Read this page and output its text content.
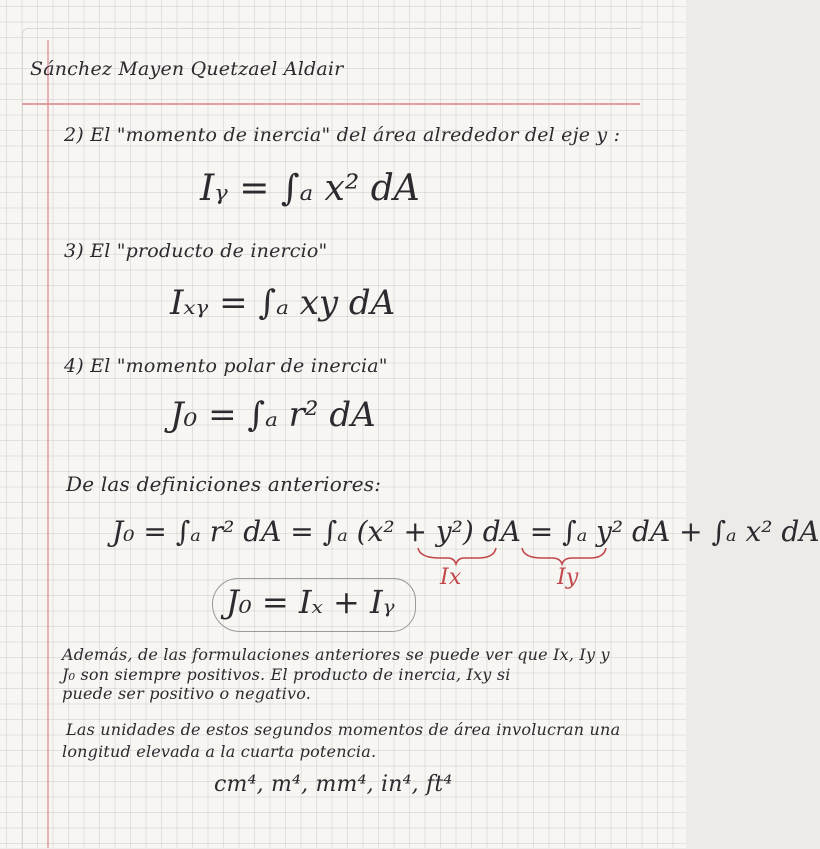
Sánchez Mayen Quetzael Aldair
2) El "momento de inercia" del área alrededor del eje y :
Iᵧ = ∫ₐ x² dA
3) El "producto de inercio"
Iₓᵧ = ∫ₐ xy dA
4) El "momento polar de inercia"
J₀ = ∫ₐ r² dA
De las definiciones anteriores:
J₀ = ∫ₐ r² dA = ∫ₐ (x² + y²) dA = ∫ₐ y² dA + ∫ₐ x² dA
Ix	Iy
J₀ = Iₓ + Iᵧ
Además, de las formulaciones anteriores se puede ver que Ix, Iy y
J₀ son siempre positivos. El producto de inercia, Ixy si
puede ser positivo o negativo.
Las unidades de estos segundos momentos de área involucran una
longitud elevada a la cuarta potencia.
cm⁴, m⁴, mm⁴, in⁴, ft⁴
